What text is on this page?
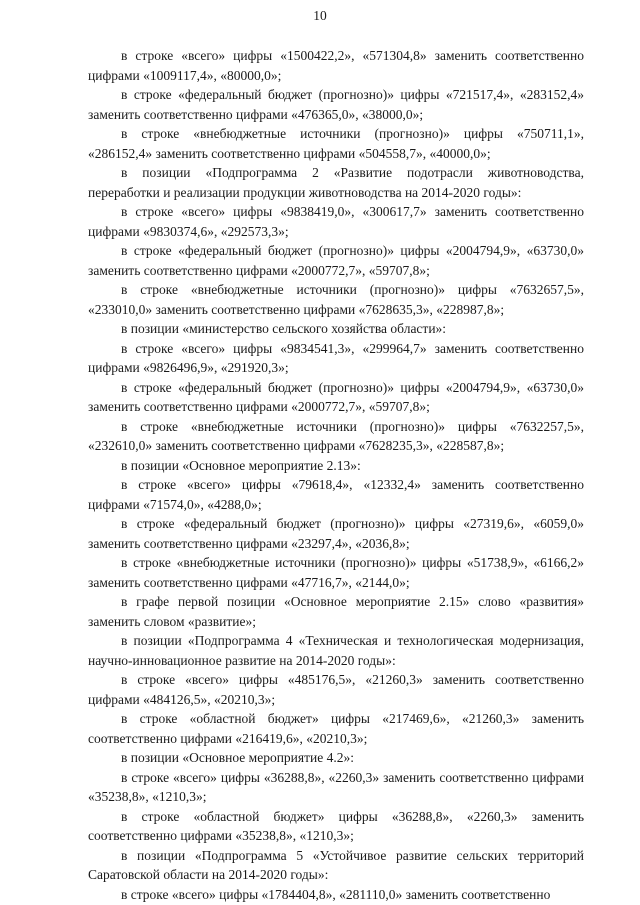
10

в строке «всего» цифры «1500422,2», «571304,8» заменить соответственно цифрами «1009117,4», «80000,0»;

в строке «федеральный бюджет (прогнозно)» цифры «721517,4», «283152,4» заменить соответственно цифрами «476365,0», «38000,0»;

в строке «внебюджетные источники (прогнозно)» цифры «750711,1», «286152,4» заменить соответственно цифрами «504558,7», «40000,0»;

в позиции «Подпрограмма 2 «Развитие подотрасли животноводства, переработки и реализации продукции животноводства на 2014-2020 годы»:

в строке «всего» цифры «9838419,0», «300617,7» заменить соответственно цифрами «9830374,6», «292573,3»;

в строке «федеральный бюджет (прогнозно)» цифры «2004794,9», «63730,0» заменить соответственно цифрами «2000772,7», «59707,8»;

в строке «внебюджетные источники (прогнозно)» цифры «7632657,5», «233010,0» заменить соответственно цифрами «7628635,3», «228987,8»;

в позиции «министерство сельского хозяйства области»:

в строке «всего» цифры «9834541,3», «299964,7» заменить соответственно цифрами «9826496,9», «291920,3»;

в строке «федеральный бюджет (прогнозно)» цифры «2004794,9», «63730,0» заменить соответственно цифрами «2000772,7», «59707,8»;

в строке «внебюджетные источники (прогнозно)» цифры «7632257,5», «232610,0» заменить соответственно цифрами «7628235,3», «228587,8»;

в позиции «Основное мероприятие 2.13»:

в строке «всего» цифры «79618,4», «12332,4» заменить соответственно цифрами «71574,0», «4288,0»;

в строке «федеральный бюджет (прогнозно)» цифры «27319,6», «6059,0» заменить соответственно цифрами «23297,4», «2036,8»;

в строке «внебюджетные источники (прогнозно)» цифры «51738,9», «6166,2» заменить соответственно цифрами «47716,7», «2144,0»;

в графе первой позиции «Основное мероприятие 2.15» слово «развития» заменить словом «развитие»;

в позиции «Подпрограмма 4 «Техническая и технологическая модернизация, научно-инновационное развитие на 2014-2020 годы»:

в строке «всего» цифры «485176,5», «21260,3» заменить соответственно цифрами «484126,5», «20210,3»;

в строке «областной бюджет» цифры «217469,6», «21260,3» заменить соответственно цифрами «216419,6», «20210,3»;

в позиции «Основное мероприятие 4.2»:

в строке «всего» цифры «36288,8», «2260,3» заменить соответственно цифрами «35238,8», «1210,3»;

в строке «областной бюджет» цифры «36288,8», «2260,3» заменить соответственно цифрами «35238,8», «1210,3»;

в позиции «Подпрограмма 5 «Устойчивое развитие сельских территорий Саратовской области на 2014-2020 годы»:

в строке «всего» цифры «1784404,8», «281110,0» заменить соответственно
